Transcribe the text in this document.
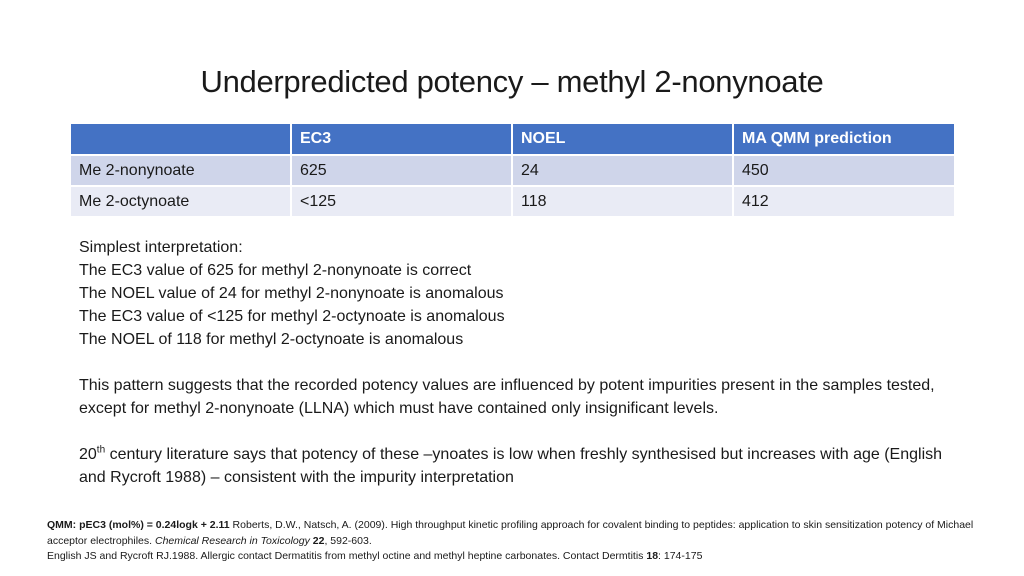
Underpredicted potency – methyl 2-nonynoate
	EC3	NOEL	MA QMM prediction
Me 2-nonynoate	625	24	450
Me 2-octynoate	<125	118	412

Simplest interpretation:

The EC3 value of 625 for methyl 2-nonynoate is correct

The NOEL value of 24 for methyl 2-nonynoate is anomalous

The EC3 value of <125 for methyl 2-octynoate is anomalous

The NOEL of 118 for methyl 2-octynoate is anomalous

This pattern suggests that the recorded potency values are influenced by potent impurities present in the samples tested, except for methyl 2-nonynoate (LLNA) which must have contained only insignificant levels.

20th century literature says that potency of these –ynoates is low when freshly synthesised but increases with age (English and Rycroft 1988) – consistent with the impurity interpretation

QMM: pEC3 (mol%) = 0.24logk + 2.11 Roberts, D.W., Natsch, A. (2009). High throughput kinetic profiling approach for covalent binding to peptides: application to skin sensitization potency of Michael acceptor electrophiles. Chemical Research in Toxicology 22, 592-603.

English JS and Rycroft RJ.1988. Allergic contact Dermatitis from methyl octine and methyl heptine carbonates. Contact Dermtitis 18: 174-175
